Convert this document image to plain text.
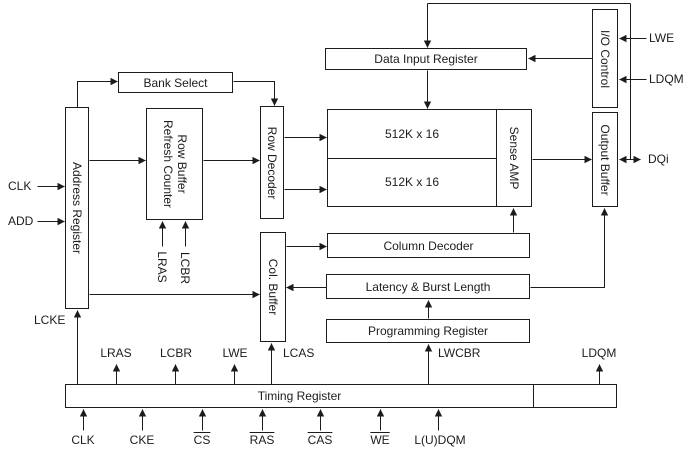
Address Register
Bank Select
Row Buffer
Refresh Counter	Row Decoder
Data Input Register	I/O Control
512K x 16
512K x 16	Sense AMP	Output Buffer
Col. Buffer
Column Decoder
Latency & Burst Length
Programming Register
Timing Register
CLK
ADD
LCKE
LWE
LDQM
DQi
LRAS LCBR
LRAS	LCBR	LWE	LCAS	LWCBR	LDQM
CLK	CKE	$\overline{CS}$	$\overline{RAS}$	$\overline{CAS}$	$\overline{WE}$	L(U)DQM
